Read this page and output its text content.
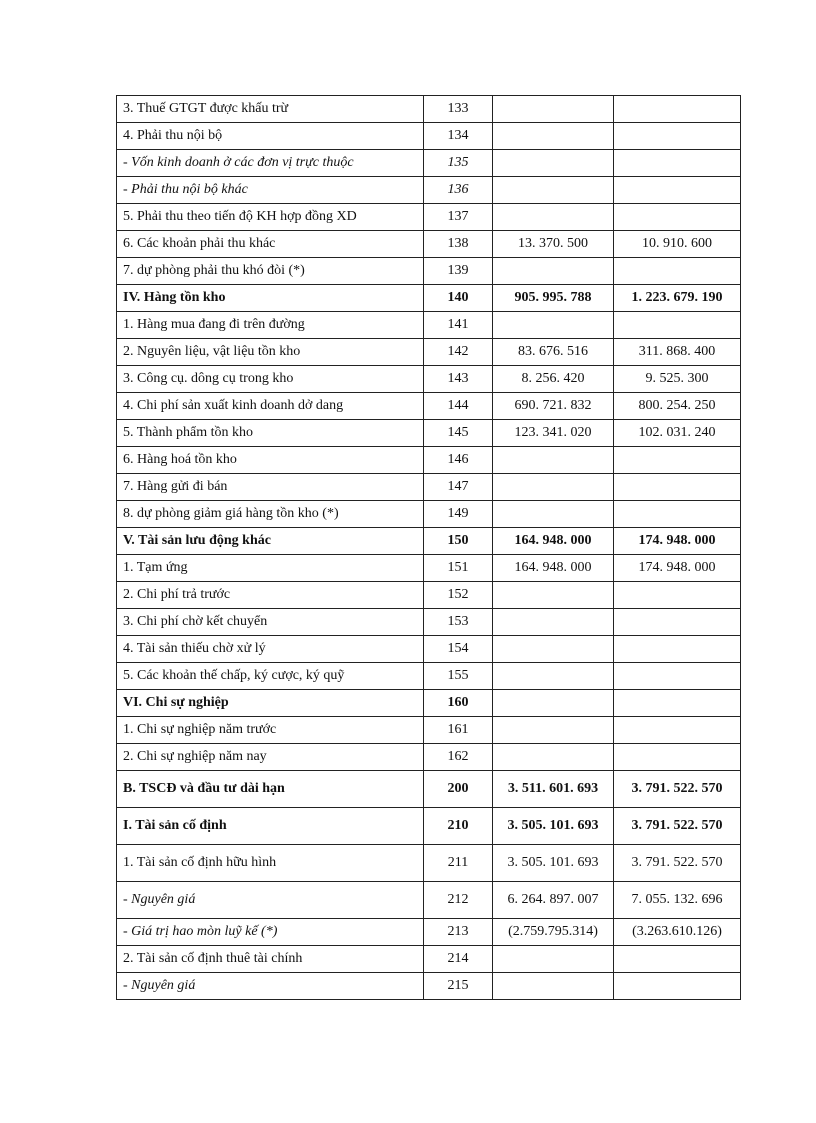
3. Thuế GTGT được khấu trừ	133		
4. Phải thu nội bộ	134		
- Vốn kinh doanh ở các đơn vị trực thuộc	135		
- Phải thu nội bộ khác	136		
5. Phải thu theo tiến độ KH hợp đồng XD	137		
6. Các khoản phải thu khác	138	13. 370. 500	10. 910. 600
7. dự phòng phải thu khó đòi (*)	139		
IV. Hàng tồn kho	140	905. 995. 788	1. 223. 679. 190
1. Hàng mua đang đi trên đường	141		
2. Nguyên liệu, vật liệu tồn kho	142	83. 676. 516	311. 868. 400
3. Công cụ. dông cụ trong kho	143	8. 256. 420	9. 525. 300
4. Chi phí sản xuất kinh doanh dở dang	144	690. 721. 832	800. 254. 250
5. Thành phẩm tồn kho	145	123. 341. 020	102. 031. 240
6. Hàng hoá tồn kho	146		
7. Hàng gửi đi bán	147		
8. dự phòng giảm giá hàng tồn kho (*)	149		
V. Tài sản lưu động khác	150	164. 948. 000	174. 948. 000
1. Tạm ứng	151	164. 948. 000	174. 948. 000
2. Chi phí trả trước	152		
3. Chi phí chờ kết chuyển	153		
4. Tài sản thiếu chờ xử lý	154		
5. Các khoản thế chấp, ký cược, ký quỹ	155		
VI. Chi sự nghiệp	160		
1. Chi sự nghiệp năm trước	161		
2. Chi sự nghiệp năm nay	162		
B. TSCĐ và đầu tư dài hạn	200	3. 511. 601. 693	3. 791. 522. 570
I. Tài sản cố định	210	3. 505. 101. 693	3. 791. 522. 570
1. Tài sản cố định hữu hình	211	3. 505. 101. 693	3. 791. 522. 570
- Nguyên giá	212	6. 264. 897. 007	7. 055. 132. 696
- Giá trị hao mòn luỹ kế (*)	213	(2.759.795.314)	(3.263.610.126)
2. Tài sản cố định thuê tài chính	214		
- Nguyên giá	215		
